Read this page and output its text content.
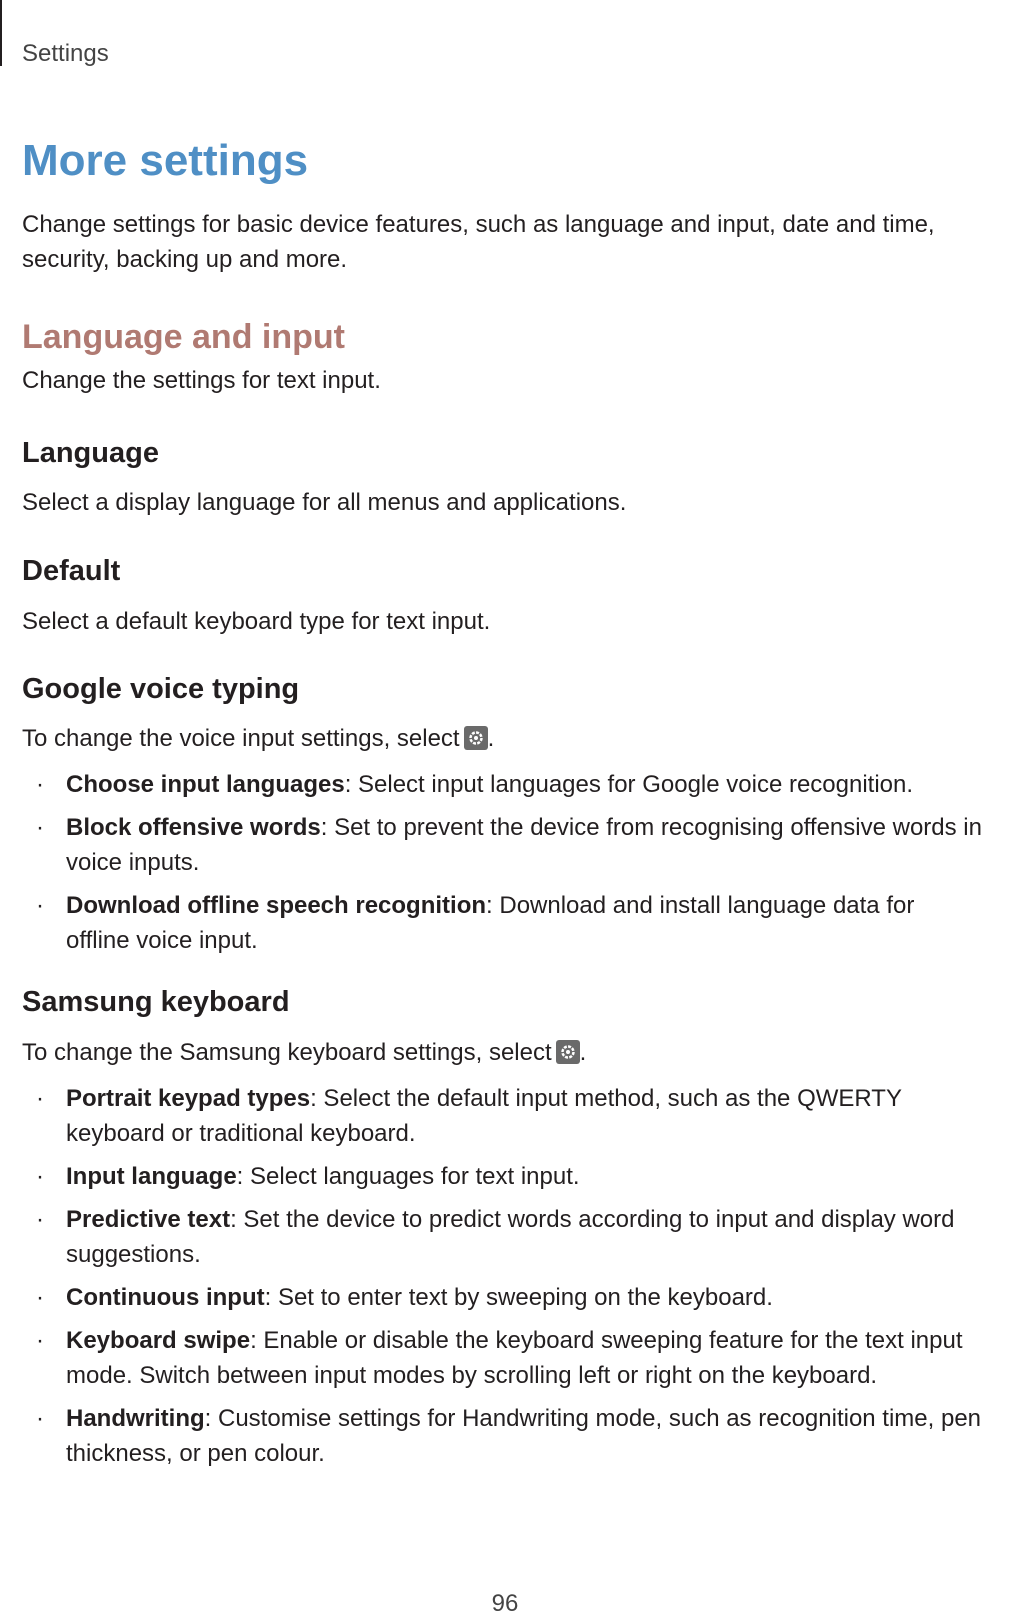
Settings
More settings

Change settings for basic device features, such as language and input, date and time, security, backing up and more.

Language and input

Change the settings for text input.

Language

Select a display language for all menus and applications.

Default

Select a default keyboard type for text input.

Google voice typing

To change the voice input settings, select .

· Choose input languages: Select input languages for Google voice recognition.
· Block offensive words: Set to prevent the device from recognising offensive words in voice inputs.
· Download offline speech recognition: Download and install language data for offline voice input.
Samsung keyboard

To change the Samsung keyboard settings, select .

· Portrait keypad types: Select the default input method, such as the QWERTY keyboard or traditional keyboard.
· Input language: Select languages for text input.
· Predictive text: Set the device to predict words according to input and display word suggestions.
· Continuous input: Set to enter text by sweeping on the keyboard.
· Keyboard swipe: Enable or disable the keyboard sweeping feature for the text input mode. Switch between input modes by scrolling left or right on the keyboard.
· Handwriting: Customise settings for Handwriting mode, such as recognition time, pen thickness, or pen colour.
96
